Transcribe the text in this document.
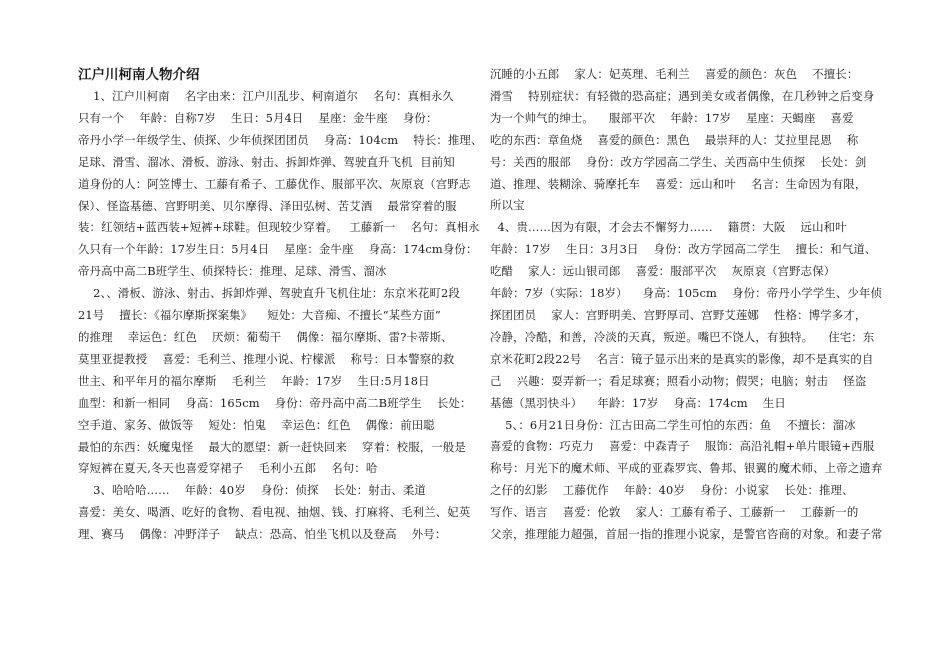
江户川柯南人物介绍

1、江户川柯南    名字由来：江户川乱步、柯南道尔    名句：真相永久

只有一个    年龄：自称7岁    生日：5月4日    星座：金牛座    身份：

帝丹小学一年级学生、侦探、少年侦探团团员    身高：104cm    特长：推理、

足球、滑雪、溜冰、滑板、游泳、射击、拆卸炸弹、驾驶直升飞机  目前知

道身份的人：阿笠博士、工藤有希子、工藤优作、服部平次、灰原哀（宫野志

保）、怪盗基德、宫野明美、贝尔摩得、泽田弘树、苦艾酒    最常穿着的服

装：红领结+蓝西装+短裤+球鞋。但现较少穿着。   工藤新一    名句：真相永

久只有一个年龄：17岁生日：5月4日    星座：金牛座    身高：174cm身份：

帝丹高中高二B班学生、侦探特长：推理、足球、滑雪、溜冰

2、、滑板、游泳、射击、拆卸炸弹、驾驶直升飞机住址：东京米花町2段

21号    擅长：《福尔摩斯探案集》    短处：大音痴、不擅长“某些方面”

的推理    幸运色：红色    厌烦：葡萄干    偶像：福尔摩斯、雷?卡蒂斯、

莫里亚提教授    喜爱：毛利兰、推理小说、柠檬派    称号：日本警察的救

世主、和平年月的福尔摩斯    毛利兰    年龄：17岁    生日:5月18日

血型：和新一相同    身高：165cm    身份：帝丹高中高二B班学生    长处：

空手道、家务、做饭等    短处：怕鬼    幸运色：红色    偶像：前田聪

最怕的东西：妖魔鬼怪    最大的愿望：新一赶快回来    穿着：校服，一般是

穿短裤在夏天,冬天也喜爱穿裙子    毛利小五郎    名句：哈

3、哈哈哈……    年龄：40岁    身份：侦探    长处：射击、柔道

喜爱：美女、喝酒、吃好的食物、看电视、抽烟、钱、打麻将、毛利兰、妃英

理、赛马    偶像：冲野洋子    缺点：恐高、怕坐飞机以及登高    外号：

沉睡的小五郎    家人：妃英理、毛利兰    喜爱的颜色：灰色    不擅长：

滑雪    特别症状：有轻微的恐高症；遇到美女或者偶像，在几秒钟之后变身

为一个帅气的绅士。    服部平次    年龄：17岁    星座：天蝎座    喜爱

吃的东西：章鱼烧    喜爱的颜色：黑色    最崇拜的人：艾拉里昆恩    称

号：关西的服部    身份：改方学园高二学生、关西高中生侦探    长处：剑

道、推理、装糊涂、骑摩托车    喜爱：远山和叶    名言：生命因为有限，

所以宝

4、贵……因为有限，才会去不懈努力……    籍贯：大阪    远山和叶

年龄：17岁    生日：3月3日    身份：改方学园高二学生    擅长：和气道、

吃醋    家人：远山银司郎    喜爱：服部平次    灰原哀（宫野志保）

年龄：7岁（实际：18岁）    身高：105cm    身份：帝丹小学学生、少年侦

探团团员    家人：宫野明美、宫野厚司、宫野艾莲娜    性格：博学多才，

冷静，冷酷，和善，冷淡的天真，叛逆。嘴巴不饶人，有独特。    住宅：东

京米花町2段22号    名言：镜子显示出来的是真实的影像，却不是真实的自

己    兴趣：耍弄新一；看足球赛；照看小动物；假哭；电脑；射击    怪盗

基德（黑羽快斗）    年龄：17岁    身高：174cm    生日

5、：6月21日身份：江古田高二学生可怕的东西：鱼    不擅长：溜冰

喜爱的食物：巧克力    喜爱：中森青子    服饰：高沿礼帽+单片眼镜+西服

称号：月光下的魔术师、平成的亚森罗宾、鲁邦、银翼的魔术师、上帝之遗弃

之仔的幻影    工藤优作    年龄：40岁    身份：小说家    长处：推理、

写作、语言    喜爱：伦敦    家人：工藤有希子、工藤新一    工藤新一的

父亲，推理能力超强，首屈一指的推理小说家，是警官咨商的对象。和妻子常
